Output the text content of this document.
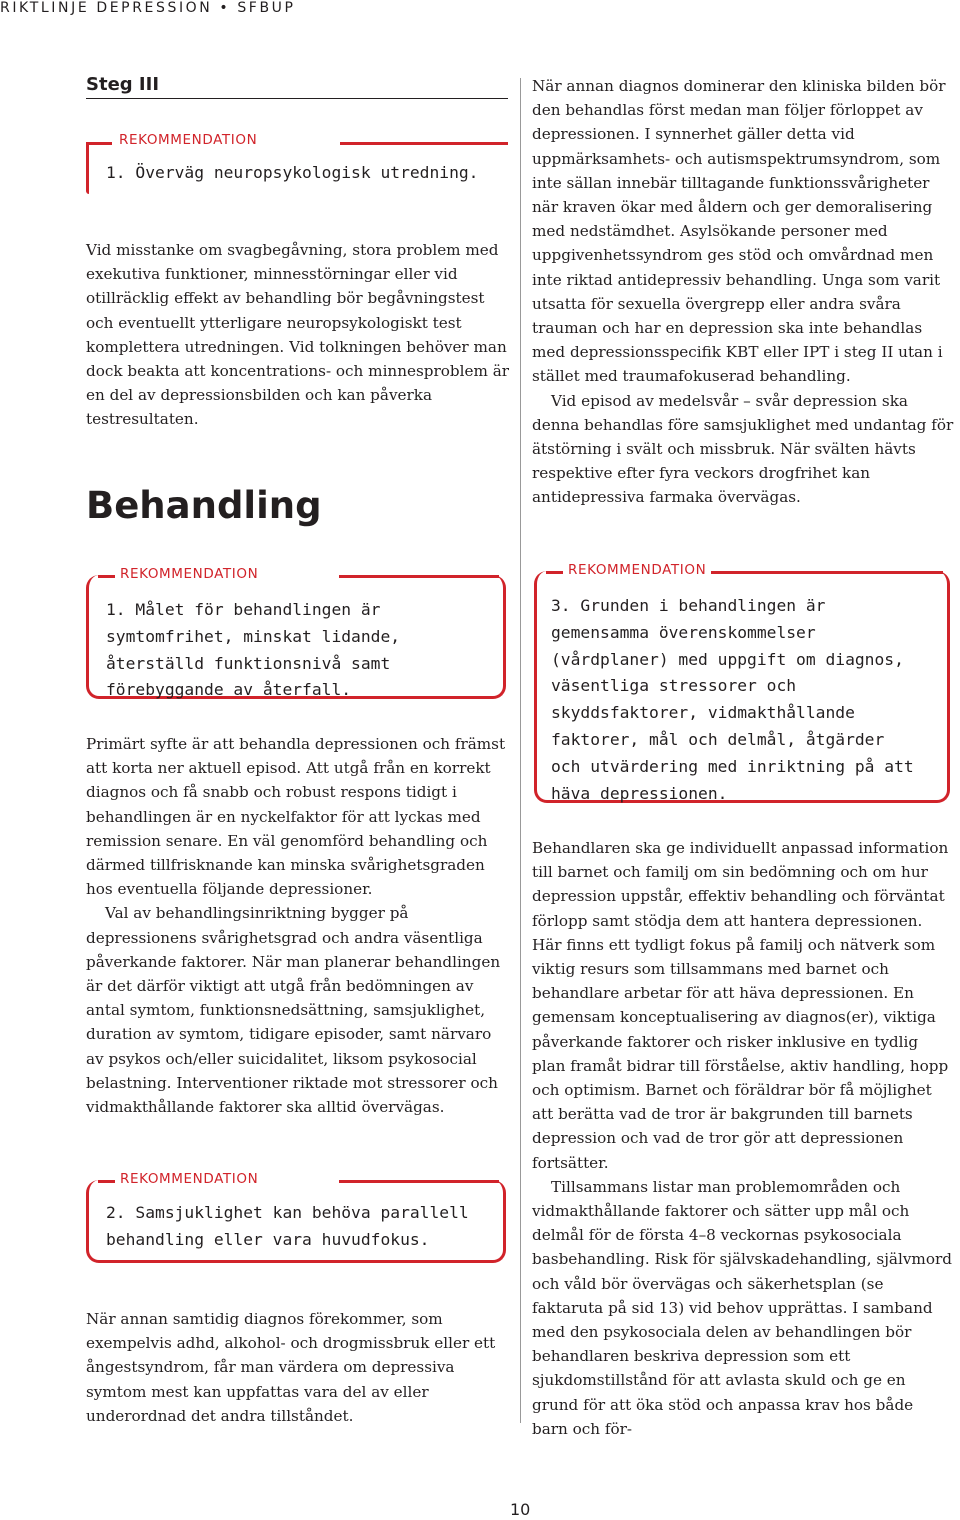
RIKTLINJE DEPRESSION • SFBUP
Steg III
REKOMMENDATION
1. Överväg neuropsykologisk utredning.

Vid misstanke om svagbegåvning, stora problem med exekutiva funktioner, minnesstörningar eller vid otillräcklig effekt av behandling bör begåvningstest och eventuellt ytterligare neuropsykologiskt test komplettera utredningen. Vid tolkningen behöver man dock beakta att koncentrations- och minnesproblem är en del av depressionsbilden och kan påverka testresultaten.

Behandling
REKOMMENDATION
1. Målet för behandlingen är symtomfrihet, minskat lidande, återställd funktionsnivå samt förebyggande av återfall.

Primärt syfte är att behandla depressionen och främst att korta ner aktuell episod. Att utgå från en korrekt diagnos och få snabb och robust respons tidigt i behandlingen är en nyckelfaktor för att lyckas med remission senare. En väl genomförd behandling och därmed tillfrisknande kan minska svårighetsgraden hos eventuella följande depressioner.

Val av behandlingsinriktning bygger på depressionens svårighetsgrad och andra väsentliga påverkande faktorer. När man planerar behandlingen är det därför viktigt att utgå från bedömningen av antal symtom, funktionsnedsättning, samsjuklighet, duration av symtom, tidigare episoder, samt närvaro av psykos och/eller suicidalitet, liksom psykosocial belastning. Interventioner riktade mot stressorer och vidmakthållande faktorer ska alltid övervägas.

REKOMMENDATION
2. Samsjuklighet kan behöva parallell behandling eller vara huvudfokus.

När annan samtidig diagnos förekommer, som exempelvis adhd, alkohol- och drogmissbruk eller ett ångestsyndrom, får man värdera om depressiva symtom mest kan uppfattas vara del av eller underordnad det andra tillståndet.

När annan diagnos dominerar den kliniska bilden bör den behandlas först medan man följer förloppet av depressionen. I synnerhet gäller detta vid uppmärksamhets- och autismspektrumsyndrom, som inte sällan innebär tilltagande funktionssvårigheter när kraven ökar med åldern och ger demoralisering med nedstämdhet. Asylsökande personer med uppgivenhetssyndrom ges stöd och omvårdnad men inte riktad antidepressiv behandling. Unga som varit utsatta för sexuella övergrepp eller andra svåra trauman och har en depression ska inte behandlas med depressionsspecifik KBT eller IPT i steg II utan i stället med traumafokuserad behandling.

Vid episod av medelsvår – svår depression ska denna behandlas före samsjuklighet med undantag för ätstörning i svält och missbruk. När svälten hävts respektive efter fyra veckors drogfrihet kan antidepressiva farmaka övervägas.

REKOMMENDATION
3. Grunden i behandlingen är gemensamma överenskommelser (vårdplaner) med uppgift om diagnos, väsentliga stressorer och skyddsfaktorer, vidmakthållande faktorer, mål och delmål, åtgärder och utvärdering med inriktning på att häva depressionen.

Behandlaren ska ge individuellt anpassad information till barnet och familj om sin bedömning och om hur depression uppstår, effektiv behandling och förväntat förlopp samt stödja dem att hantera depressionen. Här finns ett tydligt fokus på familj och nätverk som viktig resurs som tillsammans med barnet och behandlare arbetar för att häva depressionen. En gemensam konceptualisering av diagnos(er), viktiga påverkande faktorer och risker inklusive en tydlig plan framåt bidrar till förståelse, aktiv handling, hopp och optimism. Barnet och föräldrar bör få möjlighet att berätta vad de tror är bakgrunden till barnets depression och vad de tror gör att depressionen fortsätter.

Tillsammans listar man problemområden och vidmakthållande faktorer och sätter upp mål och delmål för de första 4–8 veckornas psykosociala basbehandling. Risk för självskadehandling, självmord och våld bör övervägas och säkerhetsplan (se faktaruta på sid 13) vid behov upprättas. I samband med den psykosociala delen av behandlingen bör behandlaren beskriva depression som ett sjukdomstillstånd för att avlasta skuld och ge en grund för att öka stöd och anpassa krav hos både barn och för-

10
